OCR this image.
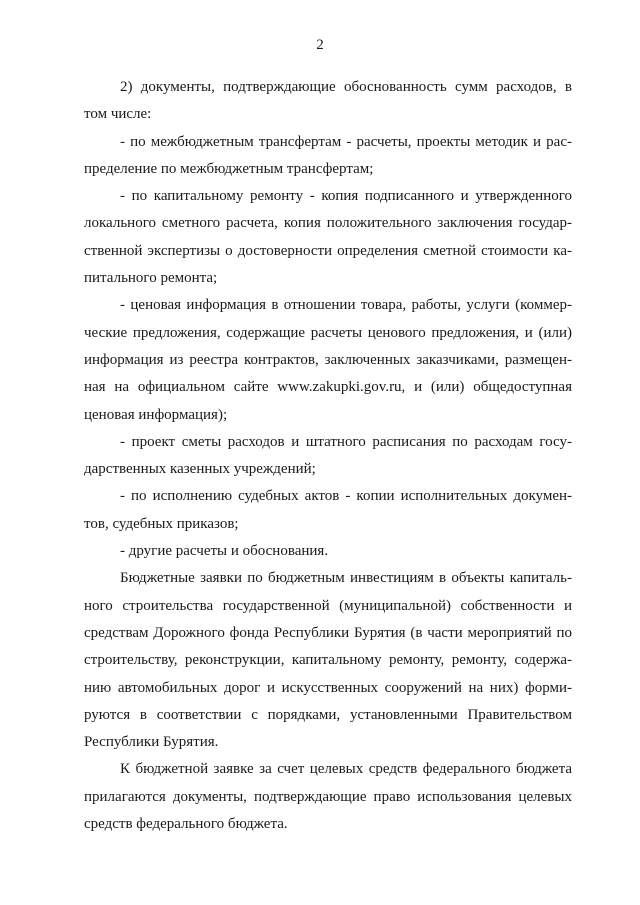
2
2) документы, подтверждающие обоснованность сумм расходов, в
том числе:
- по межбюджетным трансфертам - расчеты, проекты методик и рас-
пределение по межбюджетным трансфертам;
- по капитальному ремонту - копия подписанного и утвержденного
локального сметного расчета, копия положительного заключения государ-
ственной экспертизы о достоверности определения сметной стоимости ка-
питального ремонта;
- ценовая информация в отношении товара, работы, услуги (коммер-
ческие предложения, содержащие расчеты ценового предложения, и (или)
информация из реестра контрактов, заключенных заказчиками, размещен-
ная на официальном сайте www.zakupki.gov.ru, и (или) общедоступная
ценовая информация);
- проект сметы расходов и штатного расписания по расходам госу-
дарственных казенных учреждений;
- по исполнению судебных актов - копии исполнительных докумен-
тов, судебных приказов;
- другие расчеты и обоснования.
Бюджетные заявки по бюджетным инвестициям в объекты капиталь-
ного строительства государственной (муниципальной) собственности и
средствам Дорожного фонда Республики Бурятия (в части мероприятий по
строительству, реконструкции, капитальному ремонту, ремонту, содержа-
нию автомобильных дорог и искусственных сооружений на них) форми-
руются в соответствии с порядками, установленными Правительством
Республики Бурятия.
К бюджетной заявке за счет целевых средств федерального бюджета
прилагаются документы, подтверждающие право использования целевых
средств федерального бюджета.
